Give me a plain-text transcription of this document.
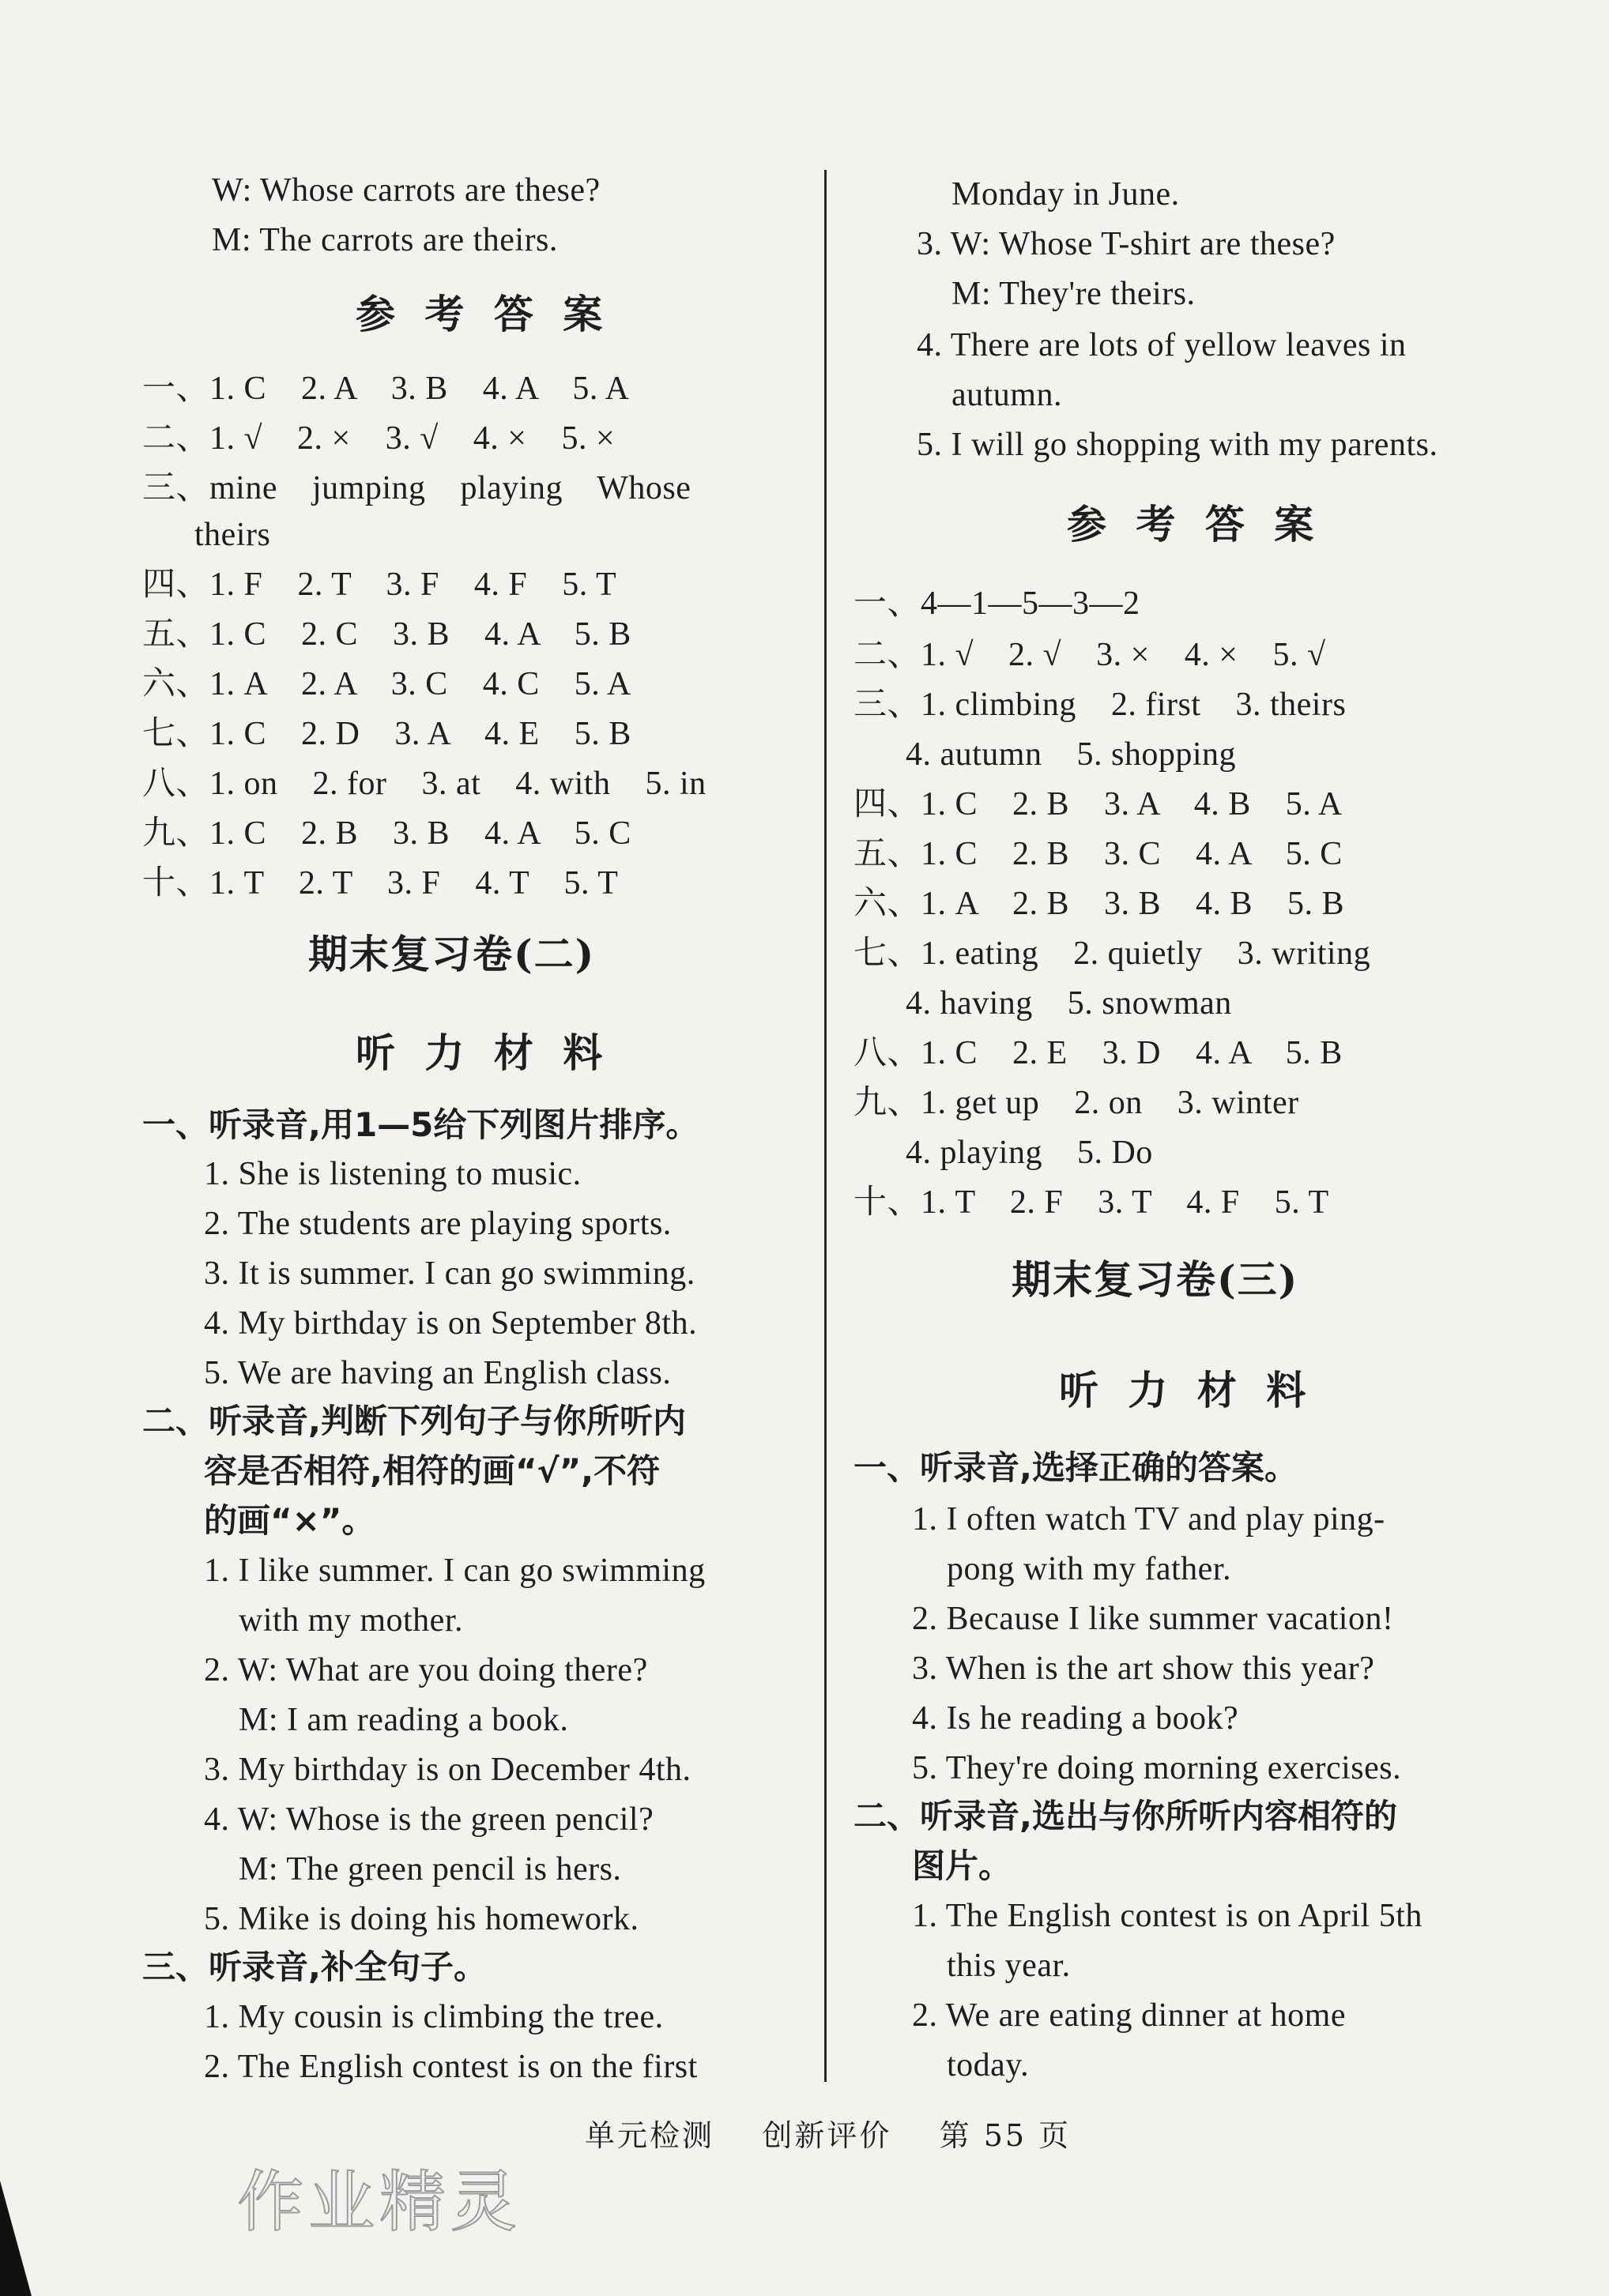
W: Whose carrots are these?
M: The carrots are theirs.
参 考 答 案
一、1. C    2. A    3. B    4. A    5. A
二、1. √    2. ×    3. √    4. ×    5. ×
三、mine    jumping    playing    Whose
theirs
四、1. F    2. T    3. F    4. F    5. T
五、1. C    2. C    3. B    4. A    5. B
六、1. A    2. A    3. C    4. C    5. A
七、1. C    2. D    3. A    4. E    5. B
八、1. on    2. for    3. at    4. with    5. in
九、1. C    2. B    3. B    4. A    5. C
十、1. T    2. T    3. F    4. T    5. T
期末复习卷(二)
听 力 材 料
一、听录音,用1—5给下列图片排序。
1. She is listening to music.
2. The students are playing sports.
3. It is summer. I can go swimming.
4. My birthday is on September 8th.
5. We are having an English class.
二、听录音,判断下列句子与你所听内
容是否相符,相符的画“√”,不符
的画“×”。
1. I like summer. I can go swimming
with my mother.
2. W: What are you doing there?
M: I am reading a book.
3. My birthday is on December 4th.
4. W: Whose is the green pencil?
M: The green pencil is hers.
5. Mike is doing his homework.
三、听录音,补全句子。
1. My cousin is climbing the tree.
2. The English contest is on the first
Monday in June.
3. W: Whose T-shirt are these?
M: They're theirs.
4. There are lots of yellow leaves in
autumn.
5. I will go shopping with my parents.
参 考 答 案
一、4—1—5—3—2
二、1. √    2. √    3. ×    4. ×    5. √
三、1. climbing    2. first    3. theirs
4. autumn    5. shopping
四、1. C    2. B    3. A    4. B    5. A
五、1. C    2. B    3. C    4. A    5. C
六、1. A    2. B    3. B    4. B    5. B
七、1. eating    2. quietly    3. writing
4. having    5. snowman
八、1. C    2. E    3. D    4. A    5. B
九、1. get up    2. on    3. winter
4. playing    5. Do
十、1. T    2. F    3. T    4. F    5. T
期末复习卷(三)
听 力 材 料
一、听录音,选择正确的答案。
1. I often watch TV and play ping-
pong with my father.
2. Because I like summer vacation!
3. When is the art show this year?
4. Is he reading a book?
5. They're doing morning exercises.
二、听录音,选出与你所听内容相符的
图片。
1. The English contest is on April 5th
this year.
2. We are eating dinner at home
today.
单元检测    创新评价    第 55 页
作业精灵
